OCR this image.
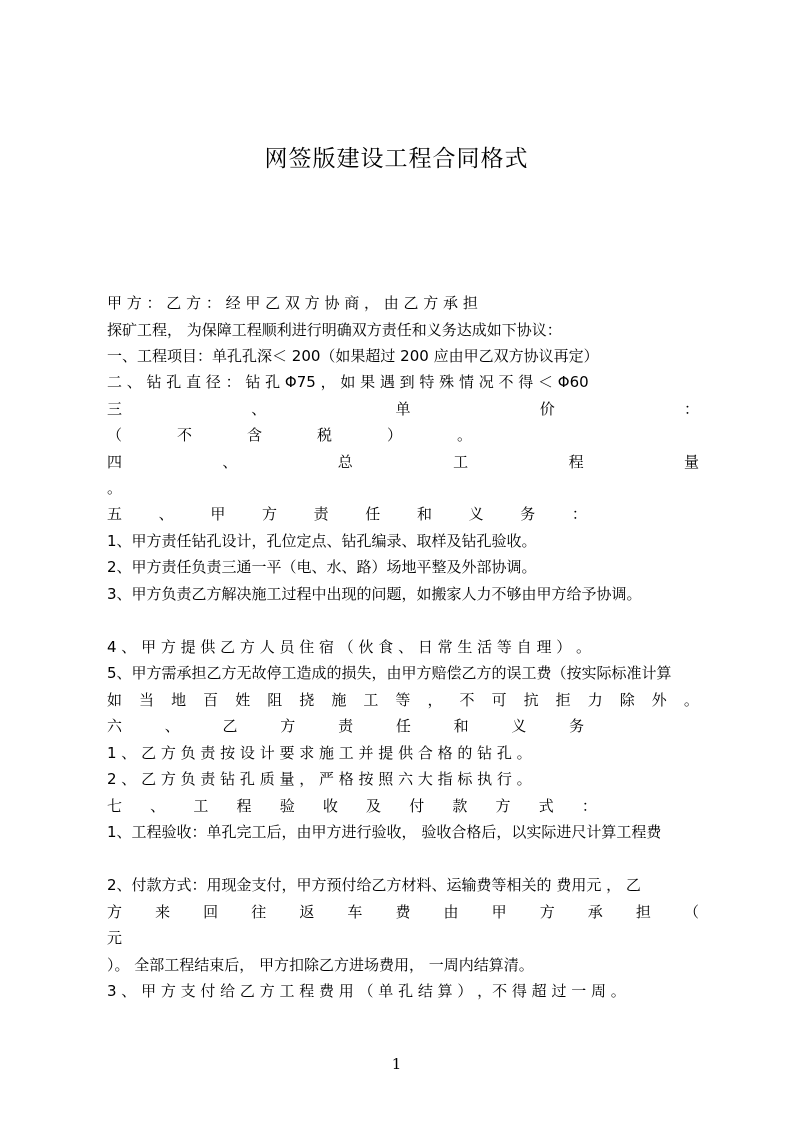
网签版建设工程合同格式
甲 方 ： 乙 方 ： 经 甲 乙 双 方 协 商 ， 由 乙 方 承 担
探矿工程， 为保障工程顺利进行明确双方责任和义务达成如下协议：
一、工程项目：单孔孔深＜ 200（如果超过 200 应由甲乙双方协议再定）
二 、 钻 孔 直 径 ： 钻 孔 Φ75 ， 如 果 遇 到 特 殊 情 况 不 得 ＜ Φ60
三	、	单	价	：
（	不	含	税	）	。
四	、	总	工	程	量
。
五 、 甲 方 责 任 和 义 务 ：
1、甲方责任钻孔设计，孔位定点、钻孔编录、取样及钻孔验收。
2、甲方责任负责三通一平（电、水、路）场地平整及外部协调。
3、甲方负责乙方解决施工过程中出现的问题，如搬家人力不够由甲方给予协调。
4 、 甲 方 提 供 乙 方 人 员 住 宿 （ 伙 食 、 日 常 生 活 等 自 理 ） 。
5、甲方需承担乙方无故停工造成的损失，由甲方赔偿乙方的误工费（按实际标准计算
如 当 地 百 姓 阻 挠 施 工 等 ， 不 可 抗 拒 力 除 外 。
六	、	乙	方	责	任	和	义	务
1 、 乙 方 负 责 按 设 计 要 求 施 工 并 提 供 合 格 的 钻 孔 。
2 、 乙 方 负 责 钻 孔 质 量 ， 严 格 按 照 六 大 指 标 执 行 。
七 、 工 程 验 收 及 付 款 方 式 ：
1、工程验收：单孔完工后，由甲方进行验收， 验收合格后，以实际进尺计算工程费
2、付款方式：用现金支付，甲方预付给乙方材料、运输费等相关的 费用元 ， 乙
方 来 回 往 返 车 费 由 甲 方 承 担 （
元
）。 全部工程结束后， 甲方扣除乙方进场费用， 一周内结算清。
3 、 甲 方 支 付 给 乙 方 工 程 费 用 （ 单 孔 结 算 ） ，不 得 超 过 一 周 。
1
